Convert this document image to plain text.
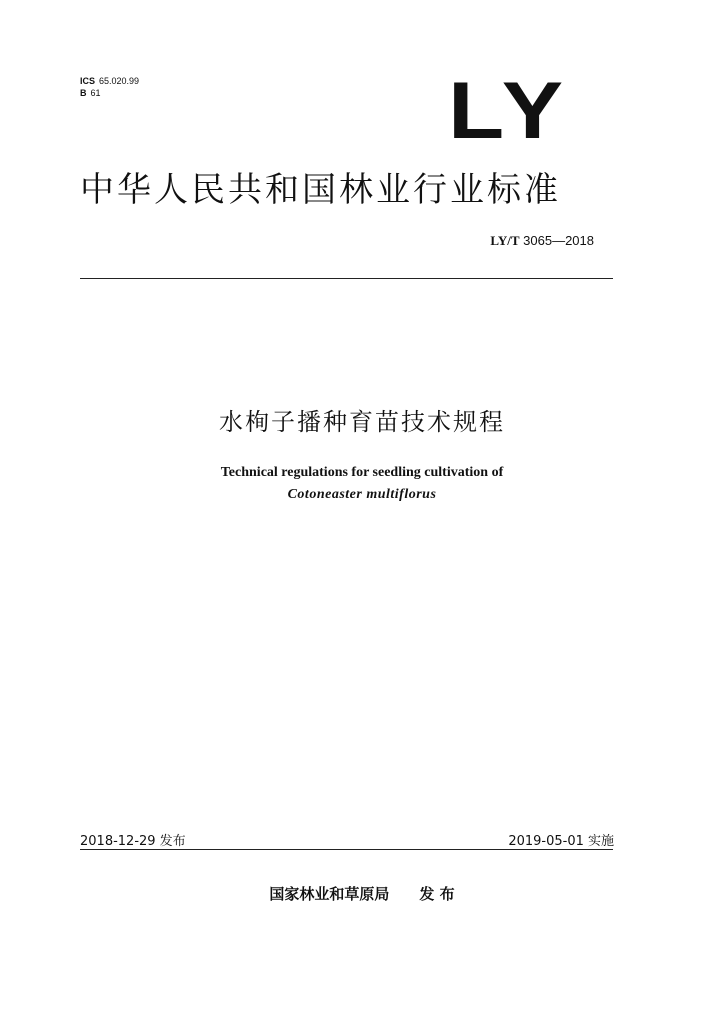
ICS 65.020.99
B 61	LY
中华人民共和国林业行业标准
LY/T 3065—2018
水栒子播种育苗技术规程
Technical regulations for seedling cultivation of
Cotoneaster multiflorus
2018-12-29 发布	2019-05-01 实施
国家林业和草原局 发 布
